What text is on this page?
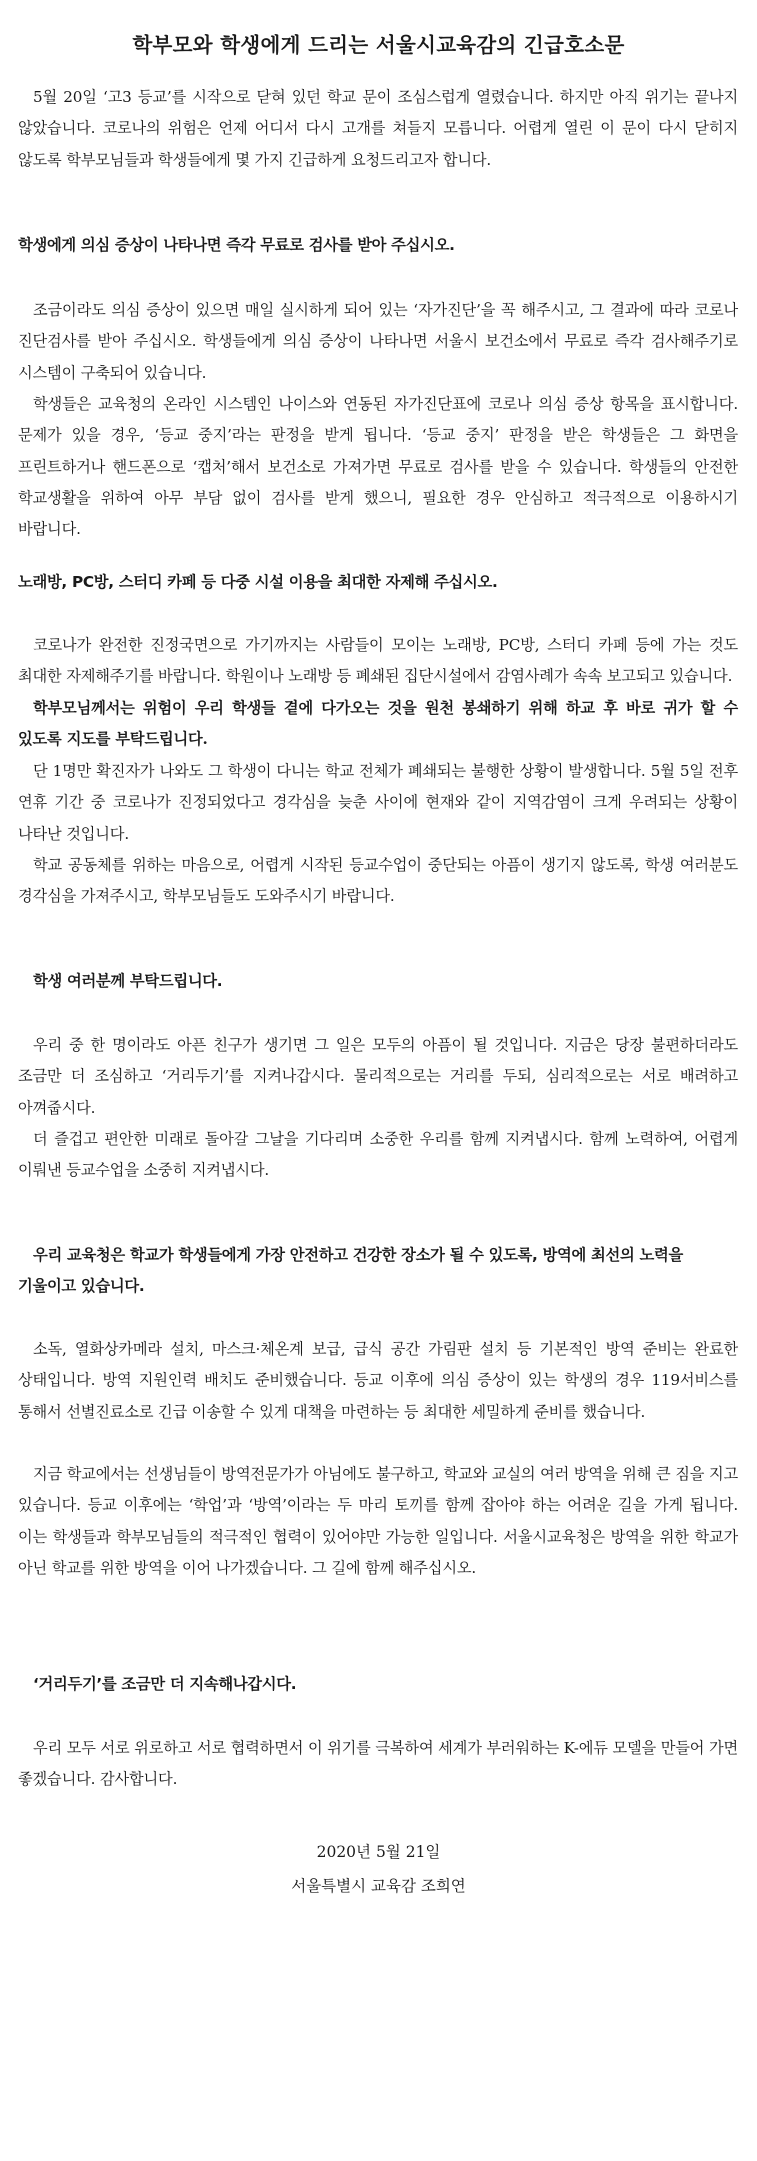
학부모와 학생에게 드리는 서울시교육감의 긴급호소문
5월 20일 ‘고3 등교’를 시작으로 닫혀 있던 학교 문이 조심스럽게 열렸습니다. 하지만 아직 위기는 끝나지 않았습니다. 코로나의 위험은 언제 어디서 다시 고개를 쳐들지 모릅니다. 어렵게 열린 이 문이 다시 닫히지 않도록 학부모님들과 학생들에게 몇 가지 긴급하게 요청드리고자 합니다.
학생에게 의심 증상이 나타나면 즉각 무료로 검사를 받아 주십시오.
조금이라도 의심 증상이 있으면 매일 실시하게 되어 있는 ‘자가진단’을 꼭 해주시고, 그 결과에 따라 코로나 진단검사를 받아 주십시오. 학생들에게 의심 증상이 나타나면 서울시 보건소에서 무료로 즉각 검사해주기로 시스템이 구축되어 있습니다.
학생들은 교육청의 온라인 시스템인 나이스와 연동된 자가진단표에 코로나 의심 증상 항목을 표시합니다. 문제가 있을 경우, ‘등교 중지’라는 판정을 받게 됩니다. ‘등교 중지’ 판정을 받은 학생들은 그 화면을 프린트하거나 핸드폰으로 ‘캡처’해서 보건소로 가져가면 무료로 검사를 받을 수 있습니다. 학생들의 안전한 학교생활을 위하여 아무 부담 없이 검사를 받게 했으니, 필요한 경우 안심하고 적극적으로 이용하시기 바랍니다.
노래방, PC방, 스터디 카페 등 다중 시설 이용을 최대한 자제해 주십시오.
코로나가 완전한 진정국면으로 가기까지는 사람들이 모이는 노래방, PC방, 스터디 카페 등에 가는 것도 최대한 자제해주기를 바랍니다. 학원이나 노래방 등 폐쇄된 집단시설에서 감염사례가 속속 보고되고 있습니다.
학부모님께서는 위험이 우리 학생들 곁에 다가오는 것을 원천 봉쇄하기 위해 하교 후 바로 귀가 할 수 있도록 지도를 부탁드립니다.
단 1명만 확진자가 나와도 그 학생이 다니는 학교 전체가 폐쇄되는 불행한 상황이 발생합니다. 5월 5일 전후 연휴 기간 중 코로나가 진정되었다고 경각심을 늦춘 사이에 현재와 같이 지역감염이 크게 우려되는 상황이 나타난 것입니다.
학교 공동체를 위하는 마음으로, 어렵게 시작된 등교수업이 중단되는 아픔이 생기지 않도록, 학생 여러분도 경각심을 가져주시고, 학부모님들도 도와주시기 바랍니다.
학생 여러분께 부탁드립니다.
우리 중 한 명이라도 아픈 친구가 생기면 그 일은 모두의 아픔이 될 것입니다. 지금은 당장 불편하더라도 조금만 더 조심하고 ‘거리두기’를 지켜나갑시다. 물리적으로는 거리를 두되, 심리적으로는 서로 배려하고 아껴줍시다.
더 즐겁고 편안한 미래로 돌아갈 그날을 기다리며 소중한 우리를 함께 지켜냅시다. 함께 노력하여, 어렵게 이뤄낸 등교수업을 소중히 지켜냅시다.
우리 교육청은 학교가 학생들에게 가장 안전하고 건강한 장소가 될 수 있도록, 방역에 최선의 노력을 기울이고 있습니다.
소독, 열화상카메라 설치, 마스크·체온계 보급, 급식 공간 가림판 설치 등 기본적인 방역 준비는 완료한 상태입니다. 방역 지원인력 배치도 준비했습니다. 등교 이후에 의심 증상이 있는 학생의 경우 119서비스를 통해서 선별진료소로 긴급 이송할 수 있게 대책을 마련하는 등 최대한 세밀하게 준비를 했습니다.
지금 학교에서는 선생님들이 방역전문가가 아님에도 불구하고, 학교와 교실의 여러 방역을 위해 큰 짐을 지고 있습니다. 등교 이후에는 ‘학업’과 ‘방역’이라는 두 마리 토끼를 함께 잡아야 하는 어려운 길을 가게 됩니다. 이는 학생들과 학부모님들의 적극적인 협력이 있어야만 가능한 일입니다. 서울시교육청은 방역을 위한 학교가 아닌 학교를 위한 방역을 이어 나가겠습니다. 그 길에 함께 해주십시오.
‘거리두기’를 조금만 더 지속해나갑시다.
우리 모두 서로 위로하고 서로 협력하면서 이 위기를 극복하여 세계가 부러워하는 K-에듀 모델을 만들어 가면 좋겠습니다. 감사합니다.
2020년 5월 21일
서울특별시 교육감 조희연
